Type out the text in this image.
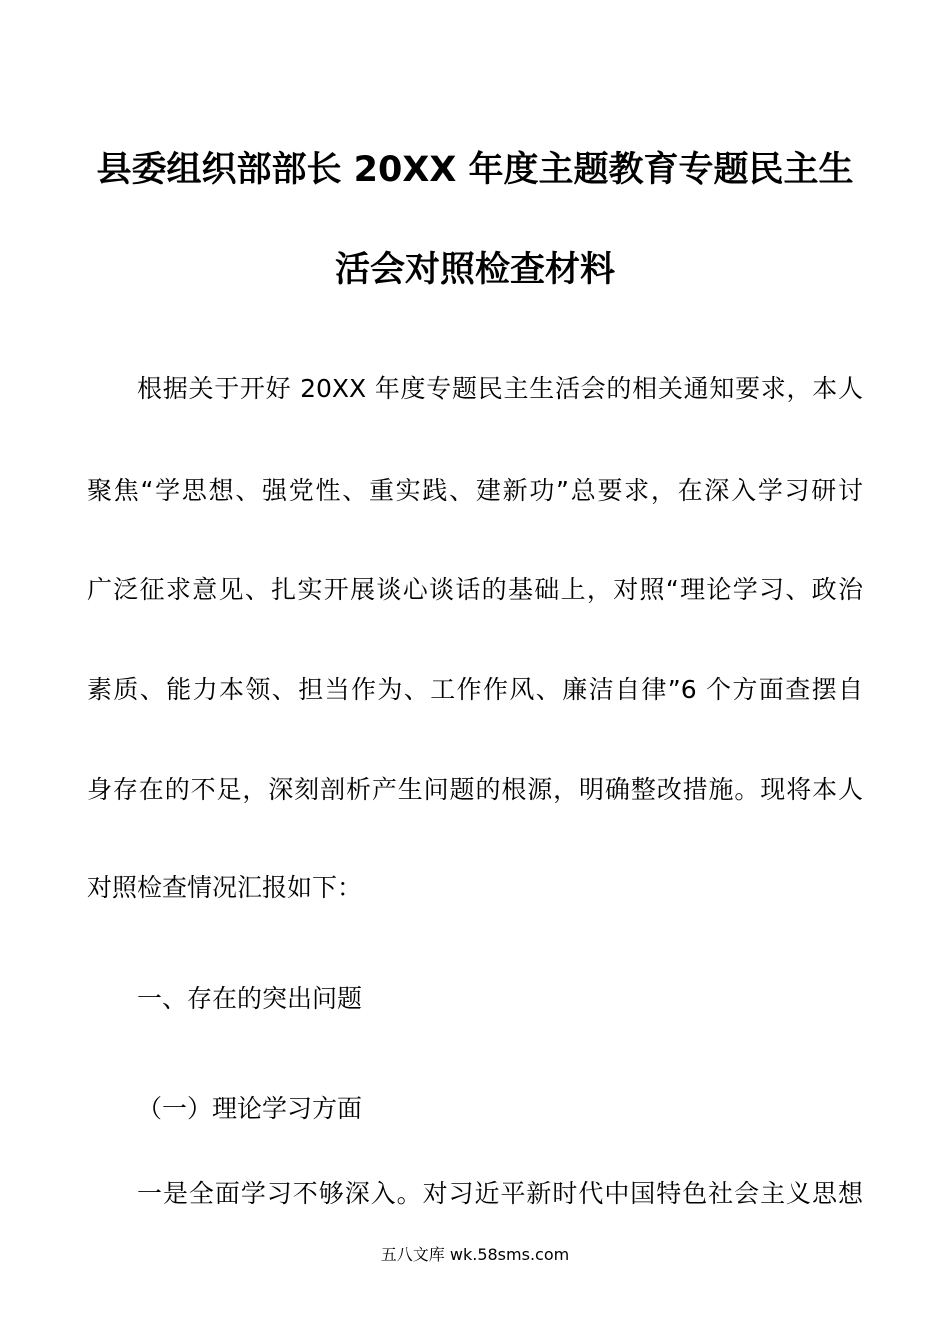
县委组织部部长 20XX 年度主题教育专题民主生
活会对照检查材料
根据关于开好 20XX 年度专题民主生活会的相关通知要求，本人
聚焦“学思想、强党性、重实践、建新功”总要求，在深入学习研讨
广泛征求意见、扎实开展谈心谈话的基础上，对照“理论学习、政治
素质、能力本领、担当作为、工作作风、廉洁自律”6 个方面查摆自
身存在的不足，深刻剖析产生问题的根源，明确整改措施。现将本人
对照检查情况汇报如下：
一、存在的突出问题
（一）理论学习方面
一是全面学习不够深入。对习近平新时代中国特色社会主义思想
五八文库 wk.58sms.com
